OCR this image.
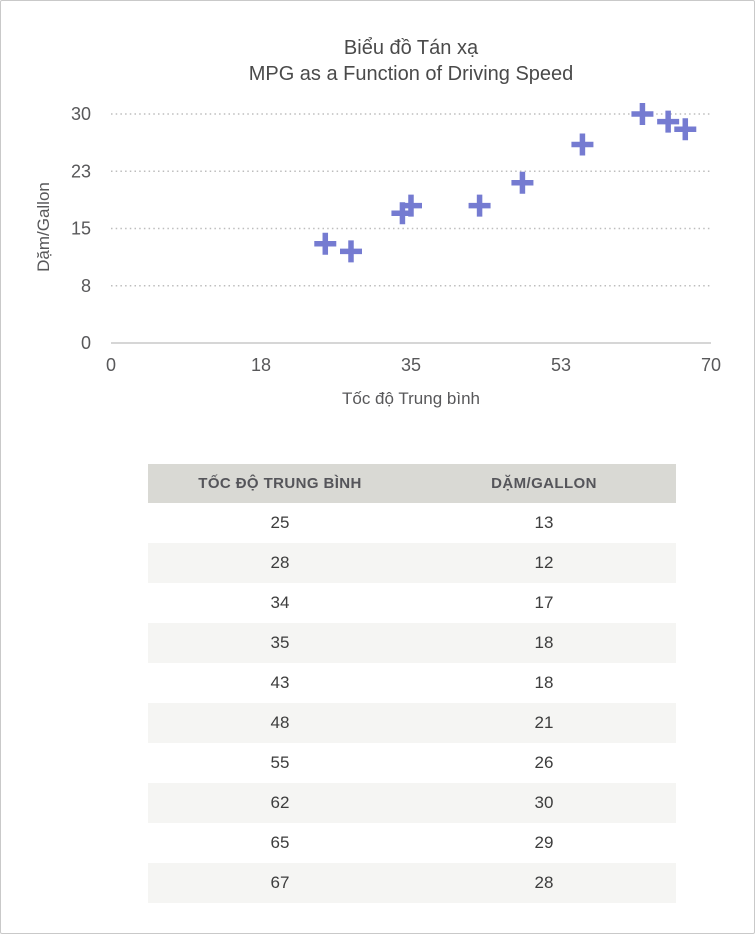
Biểu đồ Tán xạ
MPG as a Function of Driving Speed
0
8
15
23
30
0	18	35	53	70
Dặm/Gallon
Tốc độ Trung bình
TỐC ĐỘ TRUNG BÌNH	DẶM/GALLON
25	13
28	12
34	17
35	18
43	18
48	21
55	26
62	30
65	29
67	28
